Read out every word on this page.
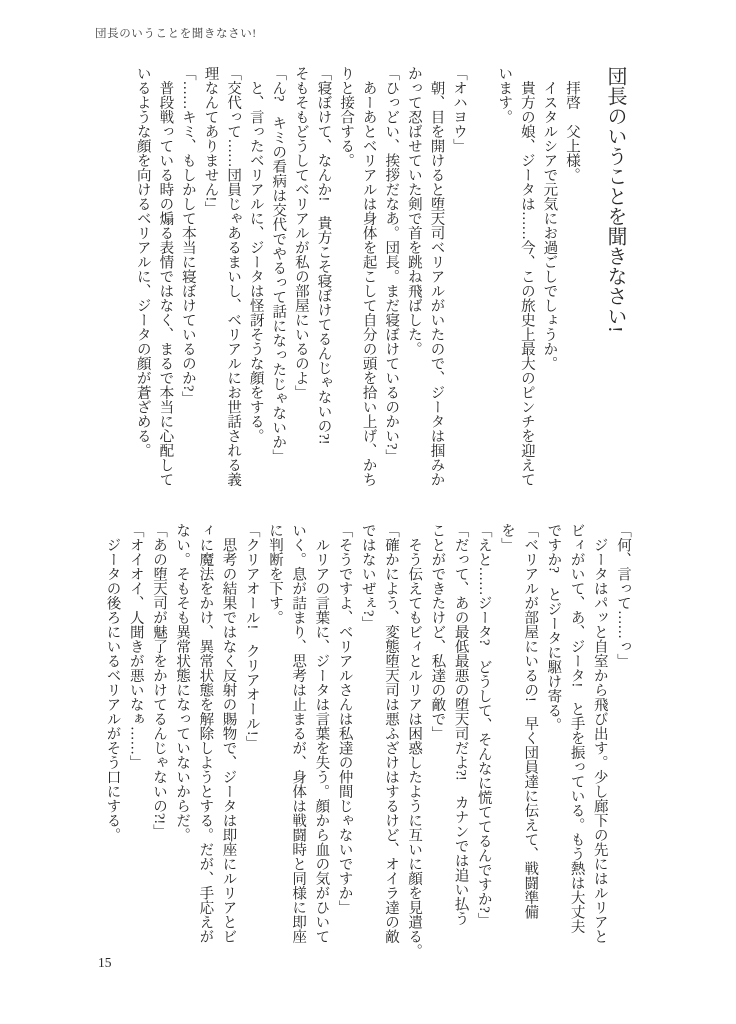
団長のいうことを聞きなさい!

団長のいうことを聞きなさい!

　拝啓　父上様。

　イスタルシアで元気にお過ごしでしょうか。

　貴方の娘、ジータは……今、この旅史上最大のピンチを迎えて

います。

「オハヨウ」

　朝、目を開けると堕天司ベリアルがいたので、ジータは掴みか

かって忍ばせていた剣で首を跳ね飛ばした。

「ひっどい、挨拶だなあ。団長。まだ寝ぼけているのかい?」

　あーあとベリアルは身体を起こして自分の頭を拾い上げ、かち

りと接合する。

「寝ぼけて、なんか!　貴方こそ寝ぼけてるんじゃないの?!

そもそもどうしてベリアルが私の部屋にいるのよ」

「ん?　キミの看病は交代でやるって話になったじゃないか」

　と、言ったベリアルに、ジータは怪訝そうな顔をする。

「交代って……団員じゃあるまいし、ベリアルにお世話される義

理なんてありません!」

「……キミ、もしかして本当に寝ぼけているのか?」

　普段戦っている時の煽る表情ではなく、まるで本当に心配して

いるような顔を向けるベリアルに、ジータの顔が蒼ざめる。

「何、言って……っ」

　ジータはパッと自室から飛び出す。少し廊下の先にはルリアと

ビィがいて、あ、ジータ!　と手を振っている。もう熱は大丈夫

ですか?　とジータに駆け寄る。

「ベリアルが部屋にいるの!　早く団員達に伝えて、戦闘準備

を」

「えと……ジータ?　どうして、そんなに慌ててるんですか?」

「だって、あの最低最悪の堕天司だよ?!　カナンでは追い払う

ことができたけど、私達の敵で」

　そう伝えてもビィとルリアは困惑したように互いに顔を見遣る。

「確かによう、変態堕天司は悪ふざけはするけど、オイラ達の敵

ではないぜぇ?」

「そうですよ、ベリアルさんは私達の仲間じゃないですか」

　ルリアの言葉に、ジータは言葉を失う。顔から血の気がひいて

いく。息が詰まり、思考は止まるが、身体は戦闘時と同様に即座

に判断を下す。

「クリアオール!　クリアオール!」

　思考の結果ではなく反射の賜物で、ジータは即座にルリアとビ

ィに魔法をかけ、異常状態を解除しようとする。だが、手応えが

ない。そもそも異常状態になっていないからだ。

「あの堕天司が魅了をかけてるんじゃないの?!」

「オイオイ、人聞きが悪いなぁ……」

　ジータの後ろにいるベリアルがそう口にする。

15
